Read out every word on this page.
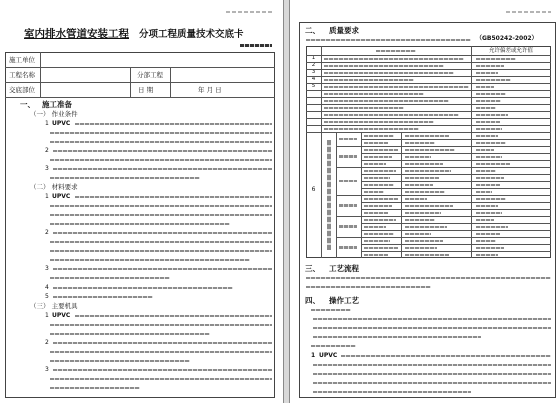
室内排水管道安装工程 分项工程质量技术交底卡
施工单位
工程名称
交底部位
分部工程
日 期	年 月 日
一、 施工准备
（一） 作业条件
1 UPVC
2
3
（二） 材料要求
1 UPVC
2
3
4
5
（三） 主要机具
1 UPVC
2
3
二、 质量要求
（GB50242-2002）
允许偏差或允许值
1
2
3
4
5
6
三、 工艺流程
四、 操作工艺
1 UPVC
